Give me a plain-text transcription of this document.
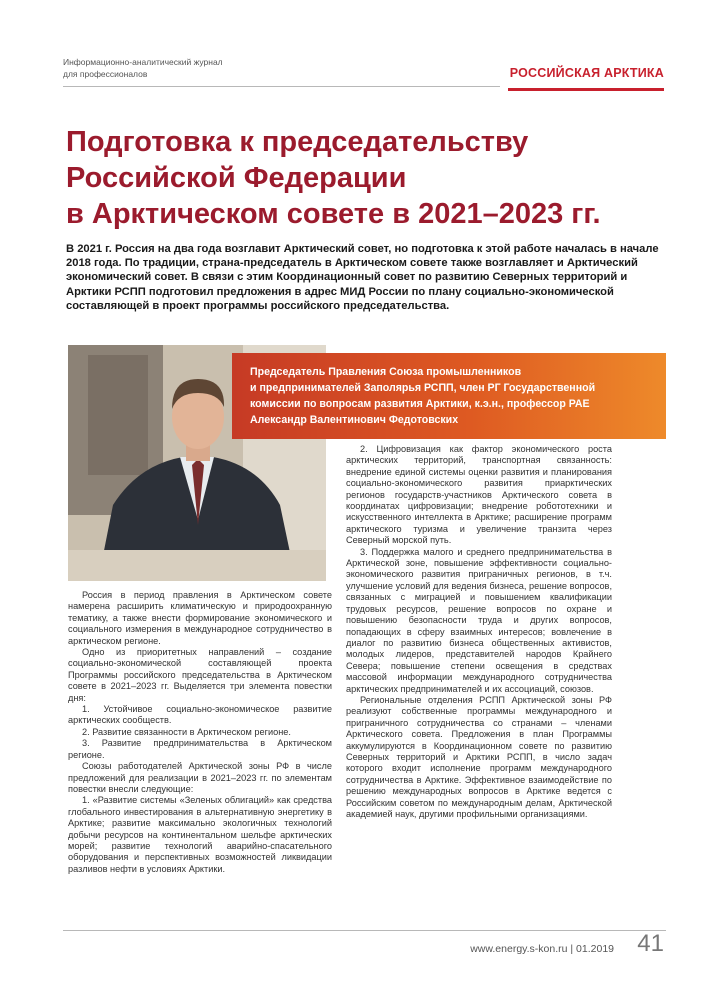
Информационно-аналитический журнал
для профессионалов	РОССИЙСКАЯ АРКТИКА
Подготовка к председательству
Российской Федерации
в Арктическом совете в 2021–2023 гг.

В 2021 г. Россия на два года возглавит Арктический совет, но подготовка к этой работе началась в начале 2018 года. По традиции, страна-председатель в Арктическом совете также возглавляет и Арктический экономический совет. В связи с этим Координационный совет по развитию Северных территорий и Арктики РСПП подготовил предложения в адрес МИД России по плану социально-экономической составляющей в проект программы российского председательства.

Председатель Правления Союза промышленников
и предпринимателей Заполярья РСПП, член РГ Государственной
комиссии по вопросам развития Арктики, к.э.н., профессор РАЕ
Александр Валентинович Федотовских

Россия в период правления в Арктическом совете намерена расширить климатическую и природоохранную тематику, а также внести формирование экономического и социального измерения в международное сотрудничество в арктическом регионе.

Одно из приоритетных направлений – создание социально-экономической составляющей проекта Программы российского председательства в Арктическом совете в 2021–2023 гг. Выделяется три элемента повестки дня:

1. Устойчивое социально-экономическое развитие арктических сообществ.

2. Развитие связанности в Арктическом регионе.

3. Развитие предпринимательства в Арктическом регионе.

Союзы работодателей Арктической зоны РФ в числе предложений для реализации в 2021–2023 гг. по элементам повестки внесли следующие:

1. «Развитие системы «Зеленых облигаций» как средства глобального инвестирования в альтернативную энергетику в Арктике; развитие максимально экологичных технологий добычи ресурсов на континентальном шельфе арктических морей; развитие технологий аварийно-спасательного оборудования и перспективных возможностей ликвидации разливов нефти в условиях Арктики.

2. Цифровизация как фактор экономического роста арктических территорий, транспортная связанность: внедрение единой системы оценки развития и планирования социально-экономического развития приарктических регионов государств-участников Арктического совета в координатах цифровизации; внедрение робототехники и искусственного интеллекта в Арктике; расширение программ арктического туризма и увеличение транзита через Северный морской путь.

3. Поддержка малого и среднего предпринимательства в Арктической зоне, повышение эффективности социально-экономического развития приграничных регионов, в т.ч. улучшение условий для ведения бизнеса, решение вопросов, связанных с миграцией и повышением квалификации трудовых ресурсов, решение вопросов по охране и повышению безопасности труда и других вопросов, попадающих в сферу взаимных интересов; вовлечение в диалог по развитию бизнеса общественных активистов, молодых лидеров, представителей народов Крайнего Севера; повышение степени освещения в средствах массовой информации международного сотрудничества арктических предпринимателей и их ассоциаций, союзов.

Региональные отделения РСПП Арктической зоны РФ реализуют собственные программы международного и приграничного сотрудничества со странами – членами Арктического совета. Предложения в план Программы аккумулируются в Координационном совете по развитию Северных территорий и Арктики РСПП, в число задач которого входит исполнение программ международного сотрудничества в Арктике. Эффективное взаимодействие по решению международных вопросов в Арктике ведется с Российским советом по международным делам, Арктической академией наук, другими профильными организациями.

www.energy.s-kon.ru | 01.2019 41
